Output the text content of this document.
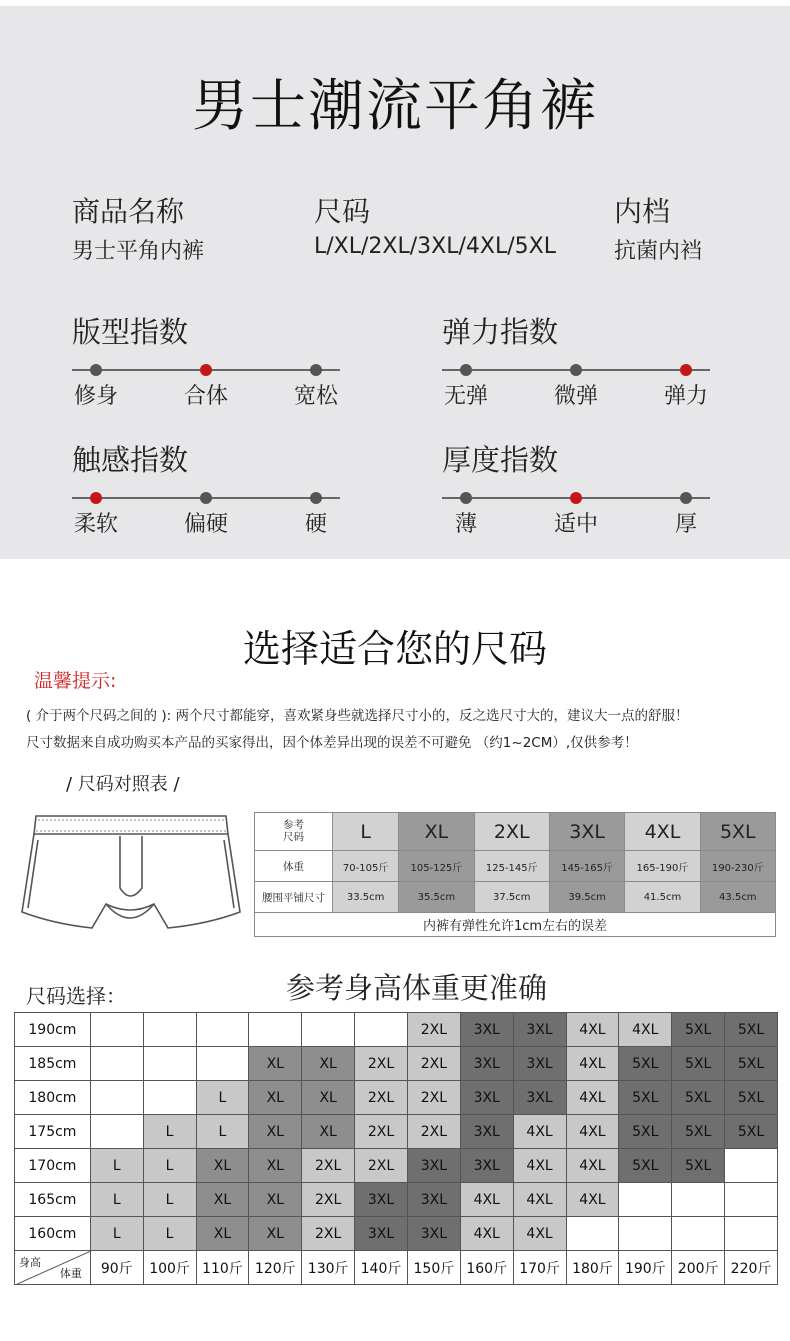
男士潮流平角裤
商品名称
男士平角内裤
尺码
L/XL/2XL/3XL/4XL/5XL
内档
抗菌内裆
版型指数
修身	合体	宽松
弹力指数
无弹	微弹	弹力
触感指数
柔软	偏硬	硬
厚度指数
薄	适中	厚
选择适合您的尺码
温馨提示:
( 介于两个尺码之间的 ): 两个尺寸都能穿，喜欢紧身些就选择尺寸小的，反之选尺寸大的，建议大一点的舒服！
尺寸数据来自成功购买本产品的买家得出，因个体差异出现的误差不可避免 （约1~2CM）,仅供参考！
/ 尺码对照表 /
参考
尺码	L	XL	2XL	3XL	4XL	5XL
体重	70-105斤	105-125斤	125-145斤	145-165斤	165-190斤	190-230斤
腰围平铺尺寸	33.5cm	35.5cm	37.5cm	39.5cm	41.5cm	43.5cm
内裤有弹性允许1cm左右的误差						
尺码选择：	参考身高体重更准确
190cm							2XL	3XL	3XL	4XL	4XL	5XL	5XL
185cm				XL	XL	2XL	2XL	3XL	3XL	4XL	5XL	5XL	5XL
180cm			L	XL	XL	2XL	2XL	3XL	3XL	4XL	5XL	5XL	5XL
175cm		L	L	XL	XL	2XL	2XL	3XL	4XL	4XL	5XL	5XL	5XL
170cm	L	L	XL	XL	2XL	2XL	3XL	3XL	4XL	4XL	5XL	5XL	
165cm	L	L	XL	XL	2XL	3XL	3XL	4XL	4XL	4XL			
160cm	L	L	XL	XL	2XL	3XL	3XL	4XL	4XL				

身高
体重	90斤	100斤	110斤	120斤	130斤	140斤	150斤	160斤	170斤	180斤	190斤	200斤	220斤
